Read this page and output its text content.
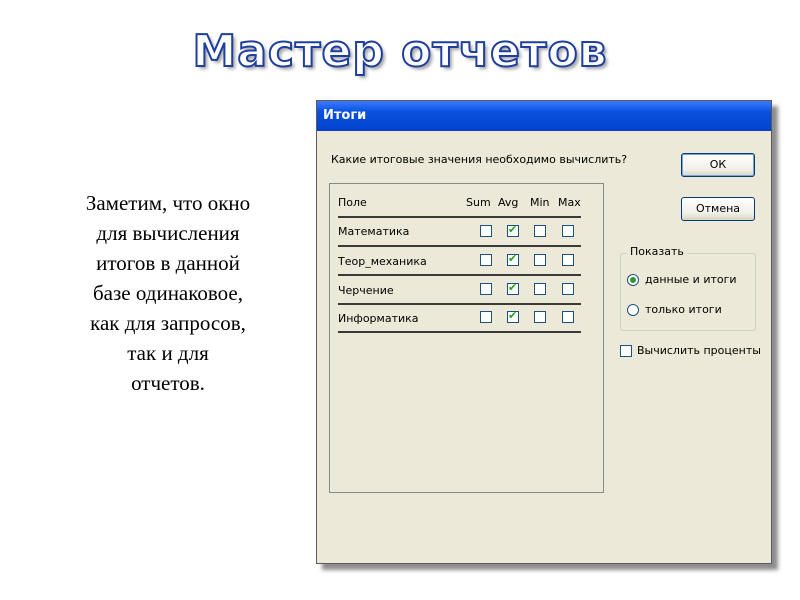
Мастер отчетов
Заметим, что окно
для вычисления
итогов в данной
базе одинаковое,
как для запросов,
так и для
отчетов.
Итоги
Какие итоговые значения необходимо вычислить?
Поле	Sum Avg Min Max
Математика
✔
Теор_механика
✔
Черчение
✔
Информатика
✔
ОК
Отмена
Показать
данные и итоги
только итоги
Вычислить проценты
